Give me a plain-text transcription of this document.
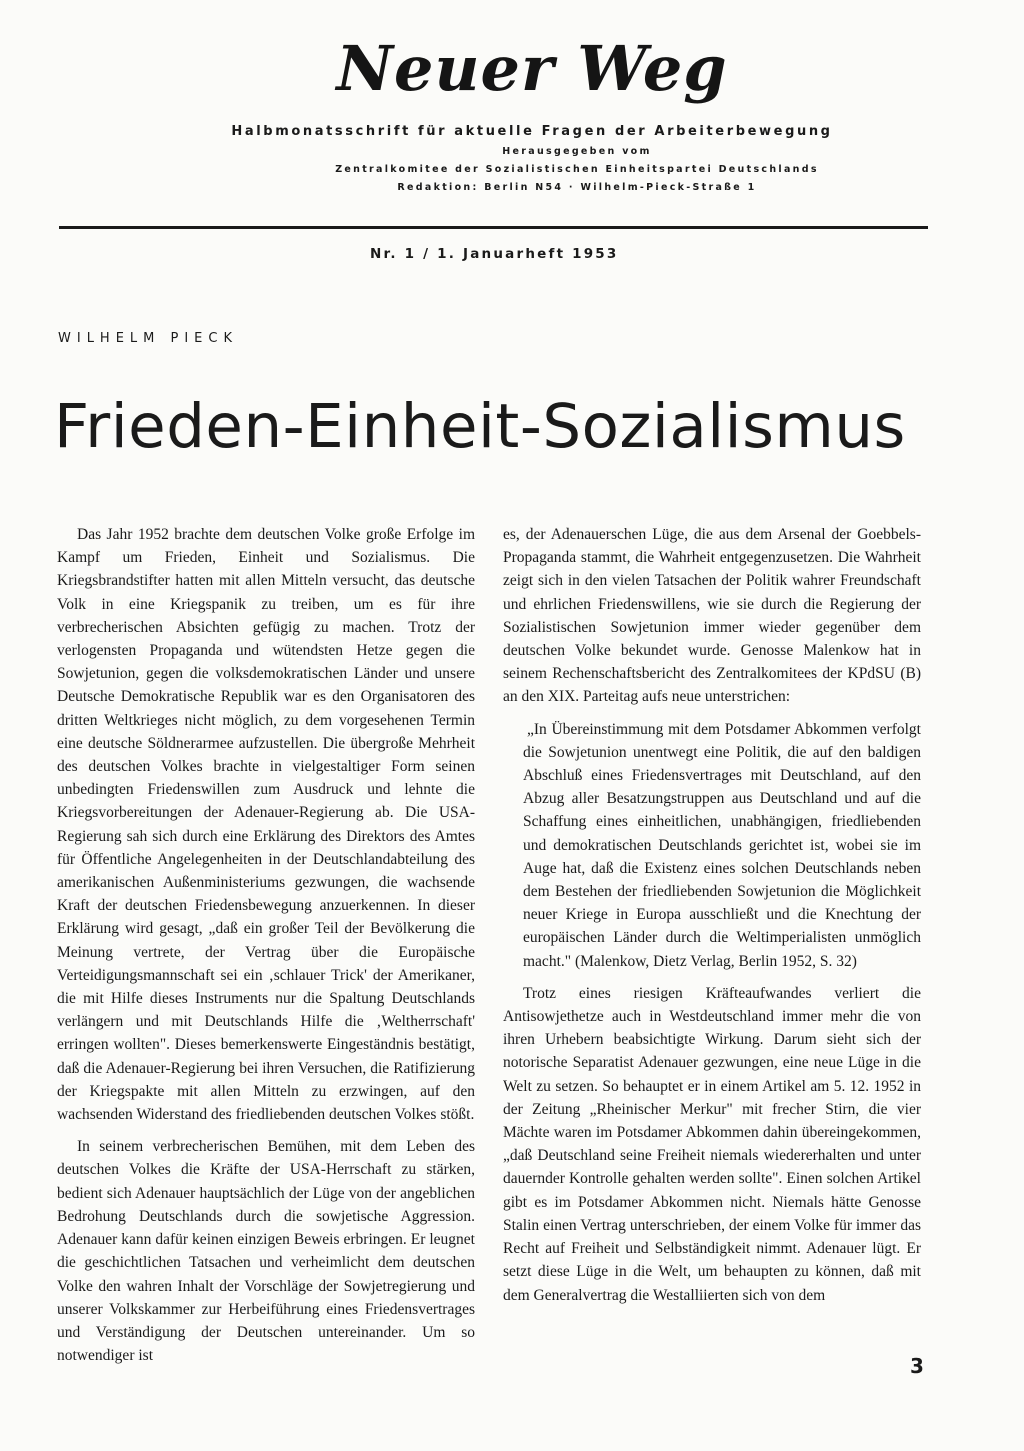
Neuer Weg
Halbmonatsschrift für aktuelle Fragen der Arbeiterbewegung
Herausgegeben vom
Zentralkomitee der Sozialistischen Einheitspartei Deutschlands
Redaktion: Berlin N54 · Wilhelm-Pieck-Straße 1
Nr. 1 / 1. Januarheft 1953
WILHELM PIECK
Frieden-Einheit-Sozialismus

Das Jahr 1952 brachte dem deutschen Volke große Erfolge im Kampf um Frieden, Einheit und Sozialismus. Die Kriegsbrandstifter hatten mit allen Mitteln versucht, das deutsche Volk in eine Kriegspanik zu treiben, um es für ihre verbrecherischen Absichten gefügig zu machen. Trotz der verlogensten Propaganda und wütendsten Hetze gegen die Sowjetunion, gegen die volksdemokratischen Länder und unsere Deutsche Demokratische Republik war es den Organisatoren des dritten Weltkrieges nicht möglich, zu dem vorgesehenen Termin eine deutsche Söldnerarmee aufzustellen. Die übergroße Mehrheit des deutschen Volkes brachte in vielgestaltiger Form seinen unbedingten Friedenswillen zum Ausdruck und lehnte die Kriegsvorbereitungen der Adenauer-Regierung ab. Die USA-Regierung sah sich durch eine Erklärung des Direktors des Amtes für Öffentliche Angelegenheiten in der Deutschlandabteilung des amerikanischen Außenministeriums gezwungen, die wachsende Kraft der deutschen Friedensbewegung anzuerkennen. In dieser Erklärung wird gesagt, „daß ein großer Teil der Bevölkerung die Meinung vertrete, der Vertrag über die Europäische Verteidigungsmannschaft sei ein ‚schlauer Trick' der Amerikaner, die mit Hilfe dieses Instruments nur die Spaltung Deutschlands verlängern und mit Deutschlands Hilfe die ‚Weltherrschaft' erringen wollten". Dieses bemerkenswerte Eingeständnis bestätigt, daß die Adenauer-Regierung bei ihren Versuchen, die Ratifizierung der Kriegspakte mit allen Mitteln zu erzwingen, auf den wachsenden Widerstand des friedliebenden deutschen Volkes stößt.

In seinem verbrecherischen Bemühen, mit dem Leben des deutschen Volkes die Kräfte der USA-Herrschaft zu stärken, bedient sich Adenauer hauptsächlich der Lüge von der angeblichen Bedrohung Deutschlands durch die sowjetische Aggression. Adenauer kann dafür keinen einzigen Beweis erbringen. Er leugnet die geschichtlichen Tatsachen und verheimlicht dem deutschen Volke den wahren Inhalt der Vorschläge der Sowjetregierung und unserer Volkskammer zur Herbeiführung eines Friedensvertrages und Verständigung der Deutschen untereinander. Um so notwendiger ist

es, der Adenauerschen Lüge, die aus dem Arsenal der Goebbels-Propaganda stammt, die Wahrheit entgegenzusetzen. Die Wahrheit zeigt sich in den vielen Tatsachen der Politik wahrer Freundschaft und ehrlichen Friedenswillens, wie sie durch die Regierung der Sozialistischen Sowjetunion immer wieder gegenüber dem deutschen Volke bekundet wurde. Genosse Malenkow hat in seinem Rechenschaftsbericht des Zentralkomitees der KPdSU (B) an den XIX. Parteitag aufs neue unterstrichen:

„In Übereinstimmung mit dem Potsdamer Abkommen verfolgt die Sowjetunion unentwegt eine Politik, die auf den baldigen Abschluß eines Friedensvertrages mit Deutschland, auf den Abzug aller Besatzungstruppen aus Deutschland und auf die Schaffung eines einheitlichen, unabhängigen, friedliebenden und demokratischen Deutschlands gerichtet ist, wobei sie im Auge hat, daß die Existenz eines solchen Deutschlands neben dem Bestehen der friedliebenden Sowjetunion die Möglichkeit neuer Kriege in Europa ausschließt und die Knechtung der europäischen Länder durch die Weltimperialisten unmöglich macht." (Malenkow, Dietz Verlag, Berlin 1952, S. 32)

Trotz eines riesigen Kräfteaufwandes verliert die Antisowjethetze auch in Westdeutschland immer mehr die von ihren Urhebern beabsichtigte Wirkung. Darum sieht sich der notorische Separatist Adenauer gezwungen, eine neue Lüge in die Welt zu setzen. So behauptet er in einem Artikel am 5. 12. 1952 in der Zeitung „Rheinischer Merkur" mit frecher Stirn, die vier Mächte waren im Potsdamer Abkommen dahin übereingekommen, „daß Deutschland seine Freiheit niemals wiedererhalten und unter dauernder Kontrolle gehalten werden sollte". Einen solchen Artikel gibt es im Potsdamer Abkommen nicht. Niemals hätte Genosse Stalin einen Vertrag unterschrieben, der einem Volke für immer das Recht auf Freiheit und Selbständigkeit nimmt. Adenauer lügt. Er setzt diese Lüge in die Welt, um behaupten zu können, daß mit dem Generalvertrag die Westalliierten sich von dem

3
